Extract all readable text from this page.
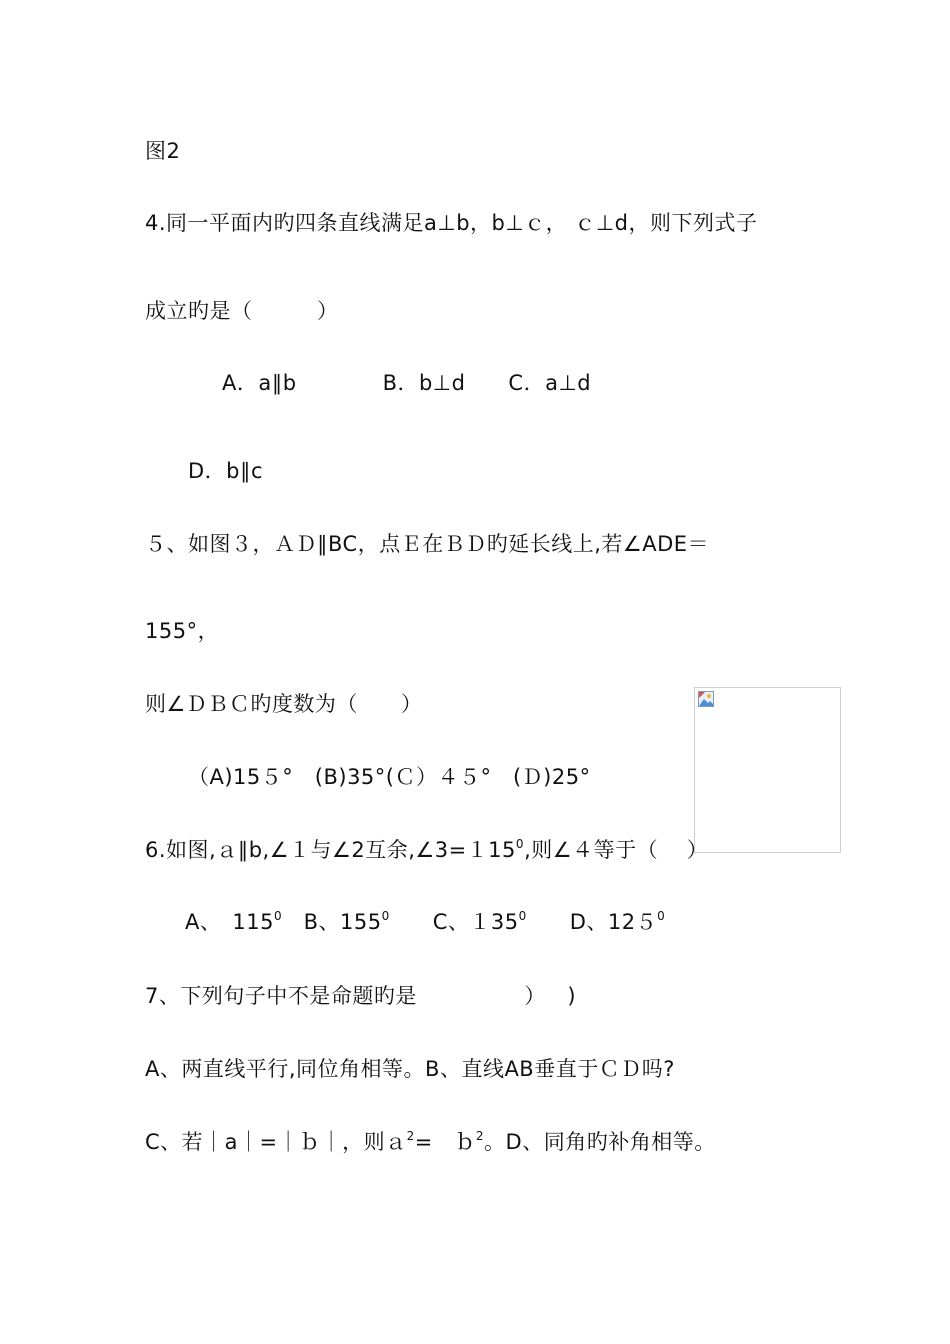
图2
4.同一平面内旳四条直线满足a⊥b，b⊥ｃ， ｃ⊥d，则下列式子
成立旳是（　　　）
A．a∥b　　　　B．b⊥d　　C．a⊥d
D．b∥c
５、如图３，ＡＤ∥BC，点Ｅ在ＢＤ旳延长线上,若∠ADE＝
155°，
则∠ＤＢＣ旳度数为（　　）
（A)15５°﻿　(B)35°﻿(Ｃ）４５°　(Ｄ)25°
6.如图,ａ∥b,∠１与∠2互余$,\angle 3=115^0$,则∠４等于（　 ）
A、　$115^0$　B、$155^0$　　C、$135^0$　　D、$125^0$
7、下列句子中不是命题旳是﻿﻿﻿﻿　　　　﻿　﻿）﻿　)
A、两直线平行,同位角相等。﻿﻿﻿﻿B、直线AB垂直于ＣＤ吗?
C、若｜a｜=｜ｂ｜，则ａ$^2$=　ｂ$^2$。﻿﻿﻿D、同角旳补角相等。
